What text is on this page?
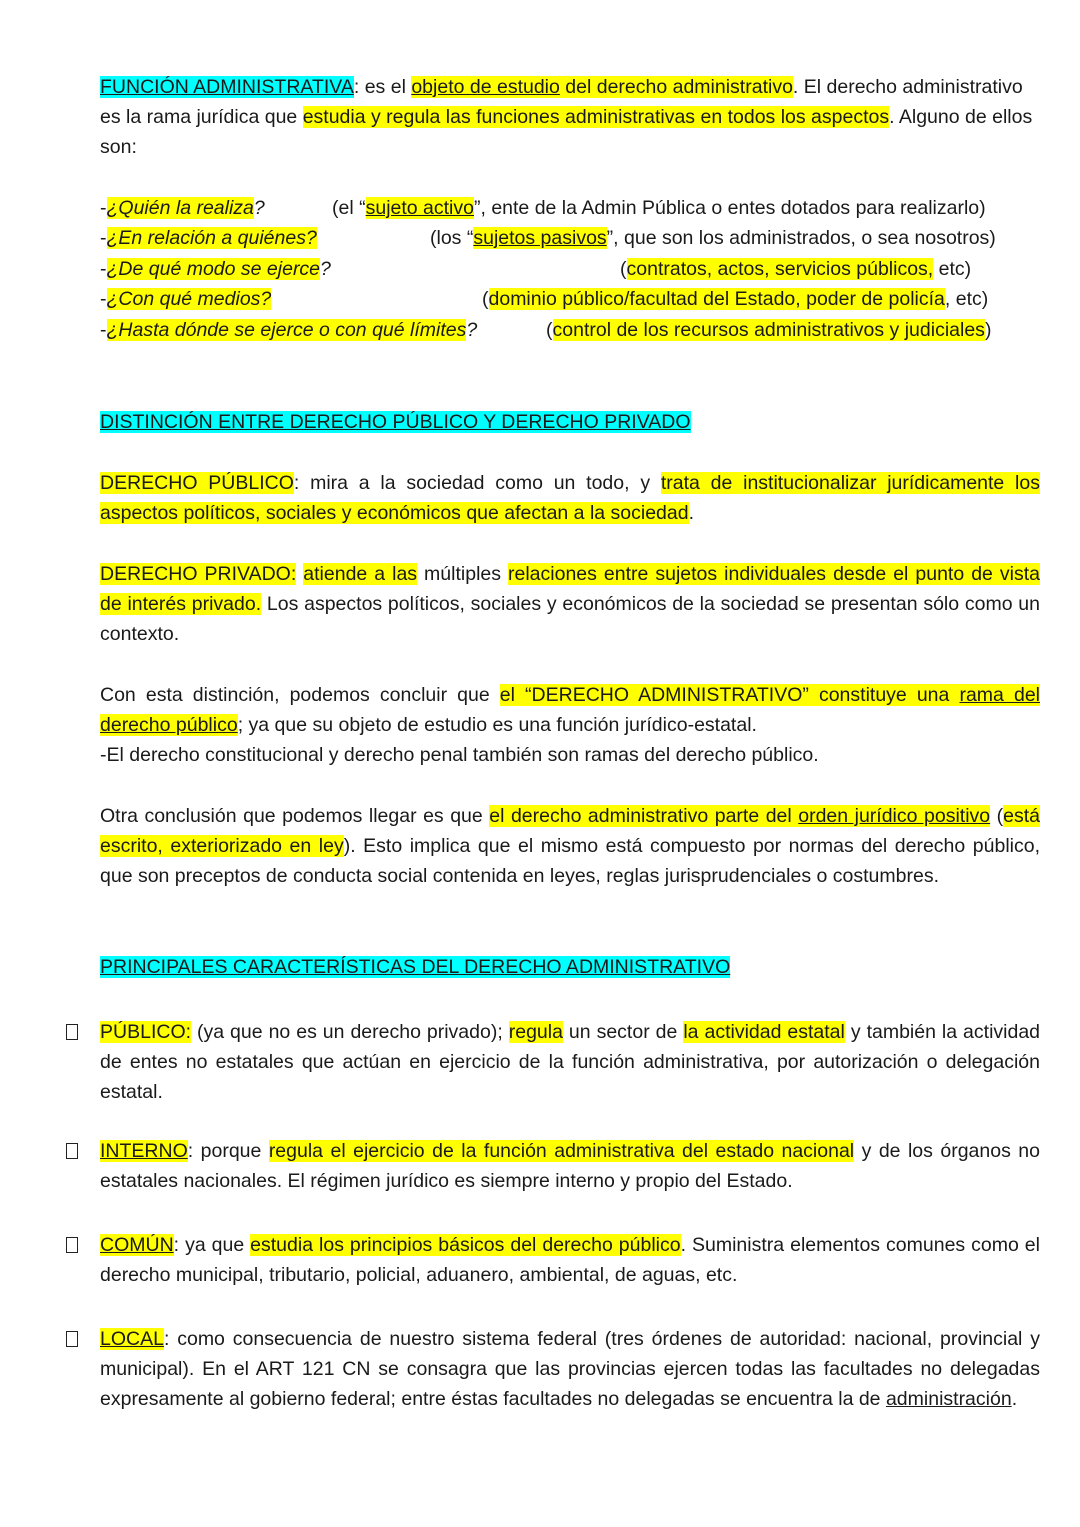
FUNCIÓN ADMINISTRATIVA: es el objeto de estudio del derecho administrativo. El derecho administrativo es la rama jurídica que estudia y regula las funciones administrativas en todos los aspectos. Alguno de ellos son:

-¿Quién la realiza?	(el “sujeto activo”, ente de la Admin Pública o entes dotados para realizarlo)
-¿En relación a quiénes?	(los “sujetos pasivos”, que son los administrados, o sea nosotros)
-¿De qué modo se ejerce?	(contratos, actos, servicios públicos, etc)
-¿Con qué medios?	(dominio público/facultad del Estado, poder de policía, etc)
-¿Hasta dónde se ejerce o con qué límites?	(control de los recursos administrativos y judiciales)

DISTINCIÓN ENTRE DERECHO PÚBLICO Y DERECHO PRIVADO

DERECHO PÚBLICO: mira a la sociedad como un todo, y trata de institucionalizar jurídicamente los aspectos políticos, sociales y económicos que afectan a la sociedad.

DERECHO PRIVADO: atiende a las múltiples relaciones entre sujetos individuales desde el punto de vista de interés privado. Los aspectos políticos, sociales y económicos de la sociedad se presentan sólo como un contexto.

Con esta distinción, podemos concluir que el “DERECHO ADMINISTRATIVO” constituye una rama del derecho público; ya que su objeto de estudio es una función jurídico-estatal.

-El derecho constitucional y derecho penal también son ramas del derecho público.

Otra conclusión que podemos llegar es que el derecho administrativo parte del orden jurídico positivo (está escrito, exteriorizado en ley). Esto implica que el mismo está compuesto por normas del derecho público, que son preceptos de conducta social contenida en leyes, reglas jurisprudenciales o costumbres.

PRINCIPALES CARACTERÍSTICAS DEL DERECHO ADMINISTRATIVO

PÚBLICO: (ya que no es un derecho privado); regula un sector de la actividad estatal y también la actividad de entes no estatales que actúan en ejercicio de la función administrativa, por autorización o delegación estatal.

INTERNO: porque regula el ejercicio de la función administrativa del estado nacional y de los órganos no estatales nacionales. El régimen jurídico es siempre interno y propio del Estado.

COMÚN: ya que estudia los principios básicos del derecho público. Suministra elementos comunes como el derecho municipal, tributario, policial, aduanero, ambiental, de aguas, etc.

LOCAL: como consecuencia de nuestro sistema federal (tres órdenes de autoridad: nacional, provincial y municipal). En el ART 121 CN se consagra que las provincias ejercen todas las facultades no delegadas expresamente al gobierno federal; entre éstas facultades no delegadas se encuentra la de administración.
